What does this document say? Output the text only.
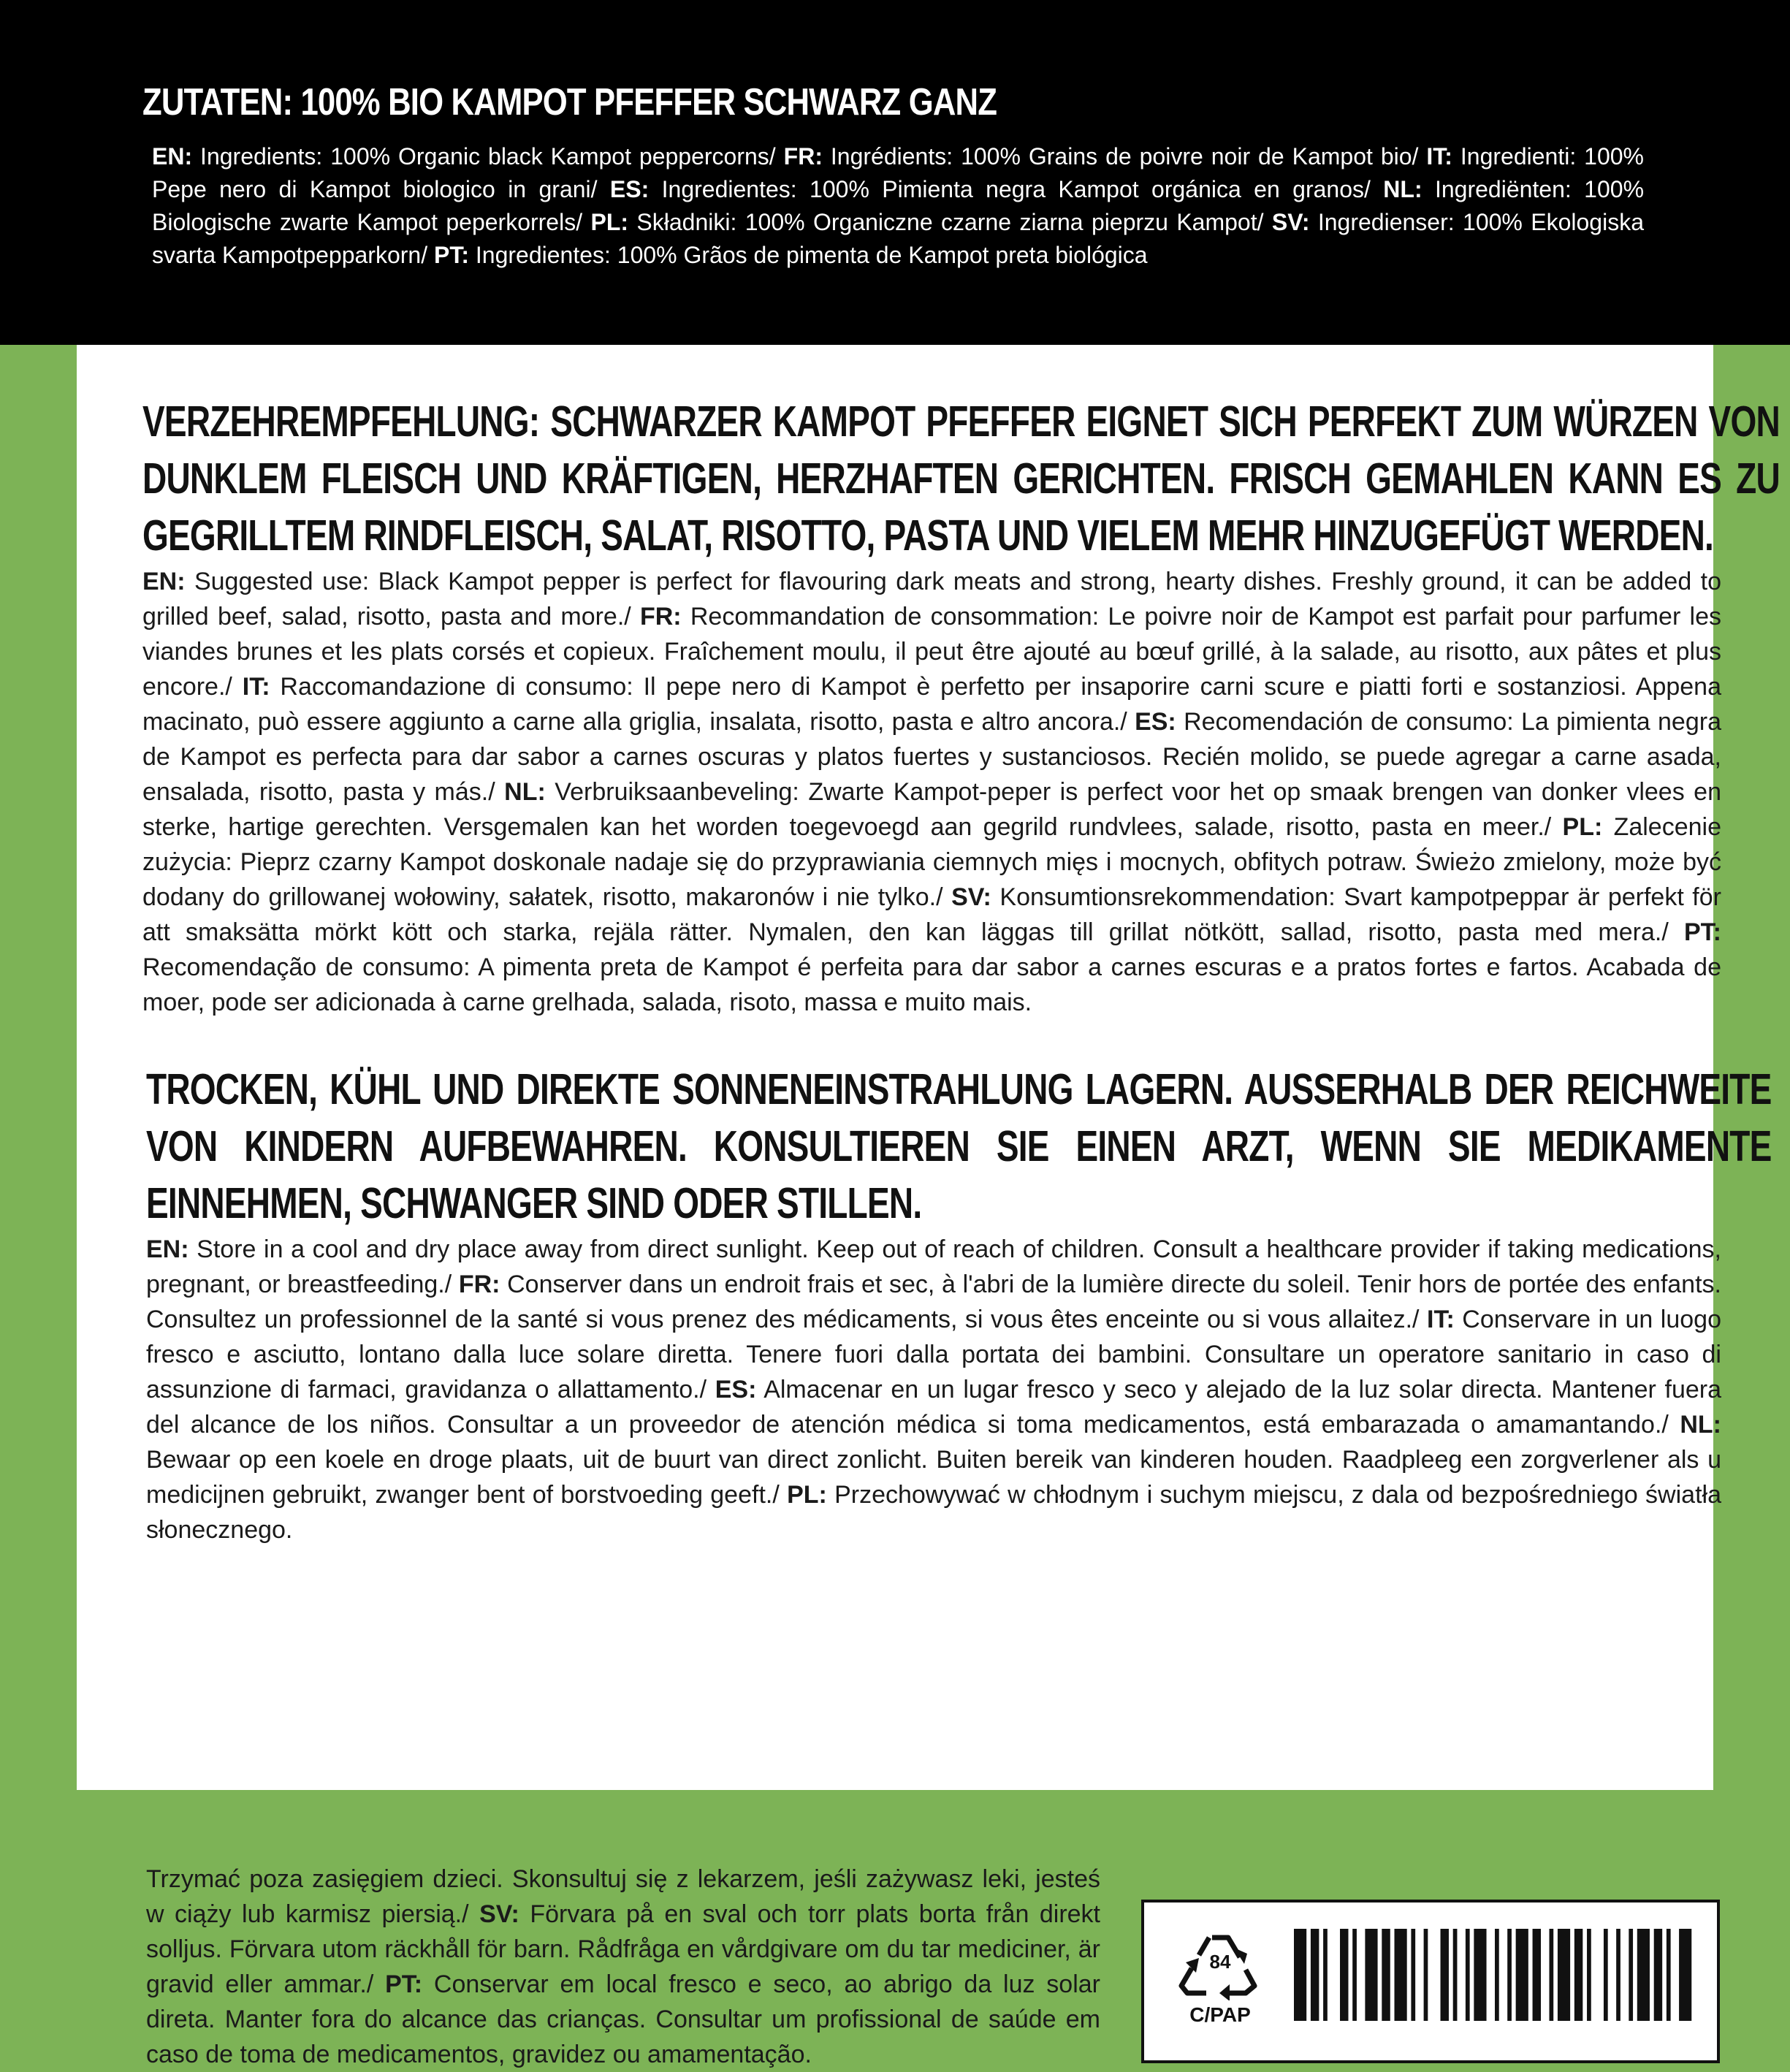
ZUTATEN: 100% BIO KAMPOT PFEFFER SCHWARZ GANZ

EN: Ingredients: 100% Organic black Kampot peppercorns/ FR: Ingrédients: 100% Grains de poivre noir de Kampot bio/ IT: Ingredienti: 100% Pepe nero di Kampot biologico in grani/ ES: Ingredientes: 100% Pimienta negra Kampot orgánica en granos/ NL: Ingrediënten: 100% Biologische zwarte Kampot peperkorrels/ PL: Składniki: 100% Organiczne czarne ziarna pieprzu Kampot/ SV: Ingredienser: 100% Ekologiska svarta Kampotpepparkorn/ PT: Ingredientes: 100% Grãos de pimenta de Kampot preta biológica

VERZEHREMPFEHLUNG: SCHWARZER KAMPOT PFEFFER EIGNET SICH PERFEKT ZUM WÜRZEN VON DUNKLEM FLEISCH UND KRÄFTIGEN, HERZHAFTEN GERICHTEN. FRISCH GEMAHLEN KANN ES ZU GEGRILLTEM RINDFLEISCH, SALAT, RISOTTO, PASTA UND VIELEM MEHR HINZUGEFÜGT WERDEN.

EN: Suggested use: Black Kampot pepper is perfect for flavouring dark meats and strong, hearty dishes. Freshly ground, it can be added to grilled beef, salad, risotto, pasta and more./ FR: Recommandation de consommation: Le poivre noir de Kampot est parfait pour parfumer les viandes brunes et les plats corsés et copieux. Fraîchement moulu, il peut être ajouté au bœuf grillé, à la salade, au risotto, aux pâtes et plus encore./ IT: Raccomandazione di consumo: Il pepe nero di Kampot è perfetto per insaporire carni scure e piatti forti e sostanziosi. Appena macinato, può essere aggiunto a carne alla griglia, insalata, risotto, pasta e altro ancora./ ES: Recomendación de consumo: La pimienta negra de Kampot es perfecta para dar sabor a carnes oscuras y platos fuertes y sustanciosos. Recién molido, se puede agregar a carne asada, ensalada, risotto, pasta y más./ NL: Verbruiksaanbeveling: Zwarte Kampot-peper is perfect voor het op smaak brengen van donker vlees en sterke, hartige gerechten. Versgemalen kan het worden toegevoegd aan gegrild rundvlees, salade, risotto, pasta en meer./ PL: Zalecenie zużycia: Pieprz czarny Kampot doskonale nadaje się do przyprawiania ciemnych mięs i mocnych, obfitych potraw. Świeżo zmielony, może być dodany do grillowanej wołowiny, sałatek, risotto, makaronów i nie tylko./ SV: Konsumtionsrekommendation: Svart kampotpeppar är perfekt för att smaksätta mörkt kött och starka, rejäla rätter. Nymalen, den kan läggas till grillat nötkött, sallad, risotto, pasta med mera./ PT: Recomendação de consumo: A pimenta preta de Kampot é perfeita para dar sabor a carnes escuras e a pratos fortes e fartos. Acabada de moer, pode ser adicionada à carne grelhada, salada, risoto, massa e muito mais.

TROCKEN, KÜHL UND DIREKTE SONNENEINSTRAHLUNG LAGERN. AUSSERHALB DER REICHWEITE VON KINDERN AUFBEWAHREN. KONSULTIEREN SIE EINEN ARZT, WENN SIE MEDIKAMENTE EINNEHMEN, SCHWANGER SIND ODER STILLEN.

EN: Store in a cool and dry place away from direct sunlight. Keep out of reach of children. Consult a healthcare provider if taking medications, pregnant, or breastfeeding./ FR: Conserver dans un endroit frais et sec, à l'abri de la lumière directe du soleil. Tenir hors de portée des enfants. Consultez un professionnel de la santé si vous prenez des médicaments, si vous êtes enceinte ou si vous allaitez./ IT: Conservare in un luogo fresco e asciutto, lontano dalla luce solare diretta. Tenere fuori dalla portata dei bambini. Consultare un operatore sanitario in caso di assunzione di farmaci, gravidanza o allattamento./ ES: Almacenar en un lugar fresco y seco y alejado de la luz solar directa. Mantener fuera del alcance de los niños. Consultar a un proveedor de atención médica si toma medicamentos, está embarazada o amamantando./ NL: Bewaar op een koele en droge plaats, uit de buurt van direct zonlicht. Buiten bereik van kinderen houden. Raadpleeg een zorgverlener als u medicijnen gebruikt, zwanger bent of borstvoeding geeft./ PL: Przechowywać w chłodnym i suchym miejscu, z dala od bezpośredniego światła słonecznego.

Trzymać poza zasięgiem dzieci. Skonsultuj się z lekarzem, jeśli zażywasz leki, jesteś w ciąży lub karmisz piersią./ SV: Förvara på en sval och torr plats borta från direkt solljus. Förvara utom räckhåll för barn. Rådfråga en vårdgivare om du tar mediciner, är gravid eller ammar./ PT: Conservar em local fresco e seco, ao abrigo da luz solar direta. Manter fora do alcance das crianças. Consultar um profissional de saúde em caso de toma de medicamentos, gravidez ou amamentação.

84
C/PAP
